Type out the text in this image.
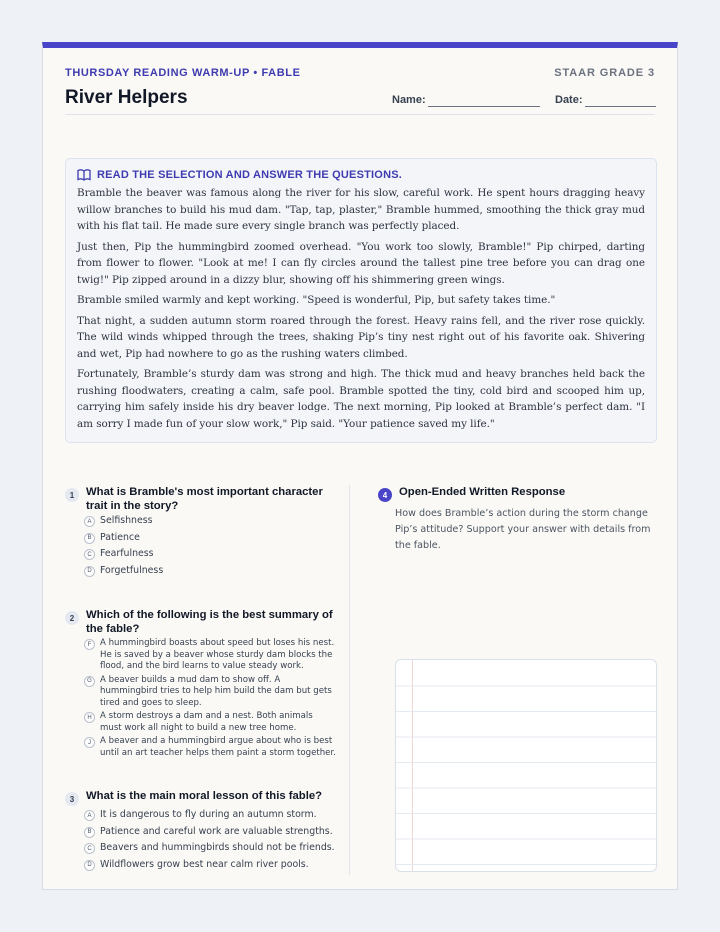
THURSDAY READING WARM-UP • FABLE	STAAR GRADE 3
River Helpers	Name:	Date:
READ THE SELECTION AND ANSWER THE QUESTIONS.

Bramble the beaver was famous along the river for his slow, careful work. He spent hours dragging heavy willow branches to build his mud dam. "Tap, tap, plaster," Bramble hummed, smoothing the thick gray mud with his flat tail. He made sure every single branch was perfectly placed.

Just then, Pip the hummingbird zoomed overhead. "You work too slowly, Bramble!" Pip chirped, darting from flower to flower. "Look at me! I can fly circles around the tallest pine tree before you can drag one twig!" Pip zipped around in a dizzy blur, showing off his shimmering green wings.

Bramble smiled warmly and kept working. "Speed is wonderful, Pip, but safety takes time."

That night, a sudden autumn storm roared through the forest. Heavy rains fell, and the river rose quickly. The wild winds whipped through the trees, shaking Pip’s tiny nest right out of his favorite oak. Shivering and wet, Pip had nowhere to go as the rushing waters climbed.

Fortunately, Bramble’s sturdy dam was strong and high. The thick mud and heavy branches held back the rushing floodwaters, creating a calm, safe pool. Bramble spotted the tiny, cold bird and scooped him up, carrying him safely inside his dry beaver lodge. The next morning, Pip looked at Bramble’s perfect dam. "I am sorry I made fun of your slow work," Pip said. "Your patience saved my life."

1	What is Bramble's most important character trait in the story?
A Selfishness
B Patience
C Fearfulness
D Forgetfulness
2	Which of the following is the best summary of the fable?
F	A hummingbird boasts about speed but loses his nest. He is saved by a beaver whose sturdy dam blocks the flood, and the bird learns to value steady work.
G A beaver builds a mud dam to show off. A hummingbird tries to help him build the dam but gets tired and goes to sleep.
H A storm destroys a dam and a nest. Both animals must work all night to build a new tree home.
J	A beaver and a hummingbird argue about who is best until an art teacher helps them paint a storm together.
3	What is the main moral lesson of this fable?
A It is dangerous to fly during an autumn storm.
B Patience and careful work are valuable strengths.
C Beavers and hummingbirds should not be friends.
D Wildflowers grow best near calm river pools.
4	Open-Ended Written Response
How does Bramble’s action during the storm change Pip’s attitude? Support your answer with details from the fable.
